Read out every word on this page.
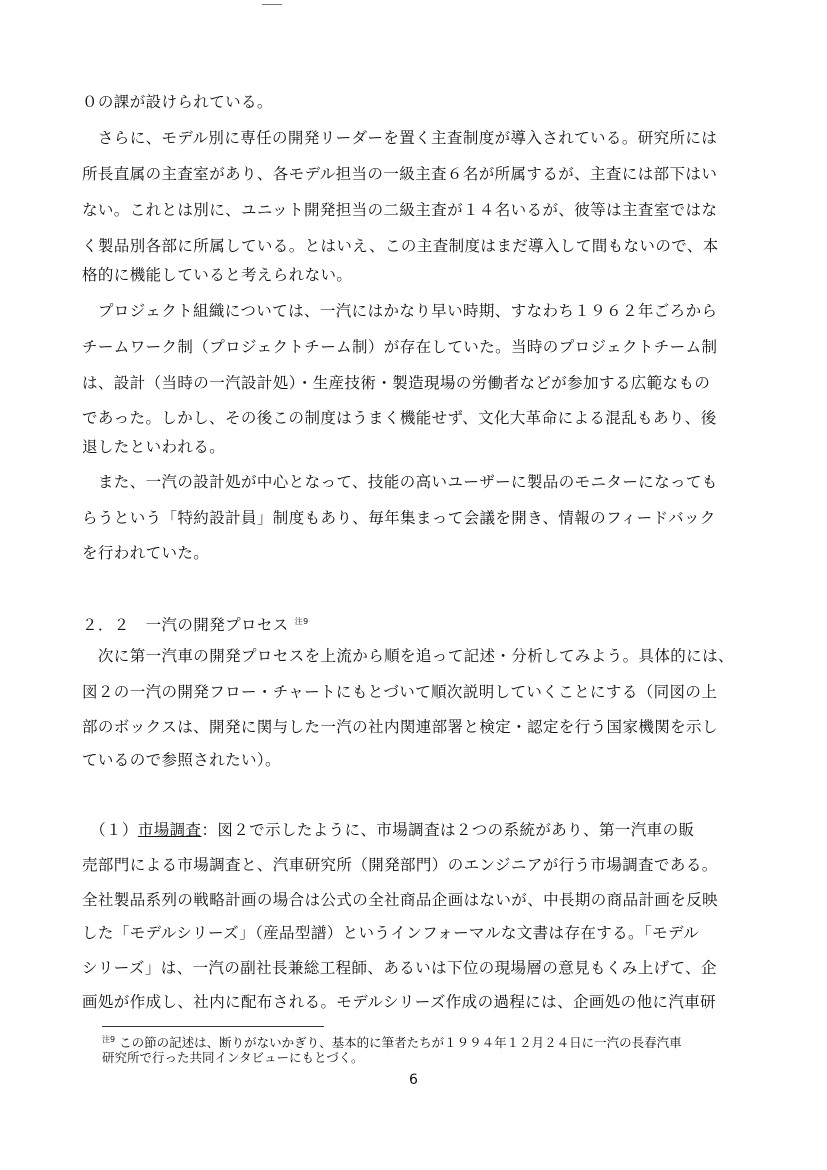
０の課が設けられている。
　さらに、モデル別に専任の開発リーダーを置く主査制度が導入されている。研究所には
所長直属の主査室があり、各モデル担当の一級主査６名が所属するが、主査には部下はい
ない。これとは別に、ユニット開発担当の二級主査が１４名いるが、彼等は主査室ではな
く製品別各部に所属している。とはいえ、この主査制度はまだ導入して間もないので、本
格的に機能していると考えられない。
　プロジェクト組織については、一汽にはかなり早い時期、すなわち１９６２年ごろから
チームワーク制（プロジェクトチーム制）が存在していた。当時のプロジェクトチーム制
は、設計（当時の一汽設計処）・生産技術・製造現場の労働者などが参加する広範なもの
であった。しかし、その後この制度はうまく機能せず、文化大革命による混乱もあり、後
退したといわれる。
　また、一汽の設計処が中心となって、技能の高いユーザーに製品のモニターになっても
らうという「特約設計員」制度もあり、毎年集まって会議を開き、情報のフィードバック
を行われていた。
２．２　一汽の開発プロセス $^{注9}$
　次に第一汽車の開発プロセスを上流から順を追って記述・分析してみよう。具体的には、
図２の一汽の開発フロー・チャートにもとづいて順次説明していくことにする（同図の上
部のボックスは、開発に関与した一汽の社内関連部署と検定・認定を行う国家機関を示し
ているので参照されたい）。
　（１）市場調査：図２で示したように、市場調査は２つの系統があり、第一汽車の販
売部門による市場調査と、汽車研究所（開発部門）のエンジニアが行う市場調査である。
全社製品系列の戦略計画の場合は公式の全社商品企画はないが、中長期の商品計画を反映
した「モデルシリーズ」（産品型譜）というインフォーマルな文書は存在する。「モデル
シリーズ」は、一汽の副社長兼総工程師、あるいは下位の現場層の意見もくみ上げて、企
画処が作成し、社内に配布される。モデルシリーズ作成の過程には、企画処の他に汽車研
$^{注9}$ この節の記述は、断りがないかぎり、基本的に筆者たちが１９９４年１２月２４日に一汽の長春汽車
研究所で行った共同インタビューにもとづく。
6
